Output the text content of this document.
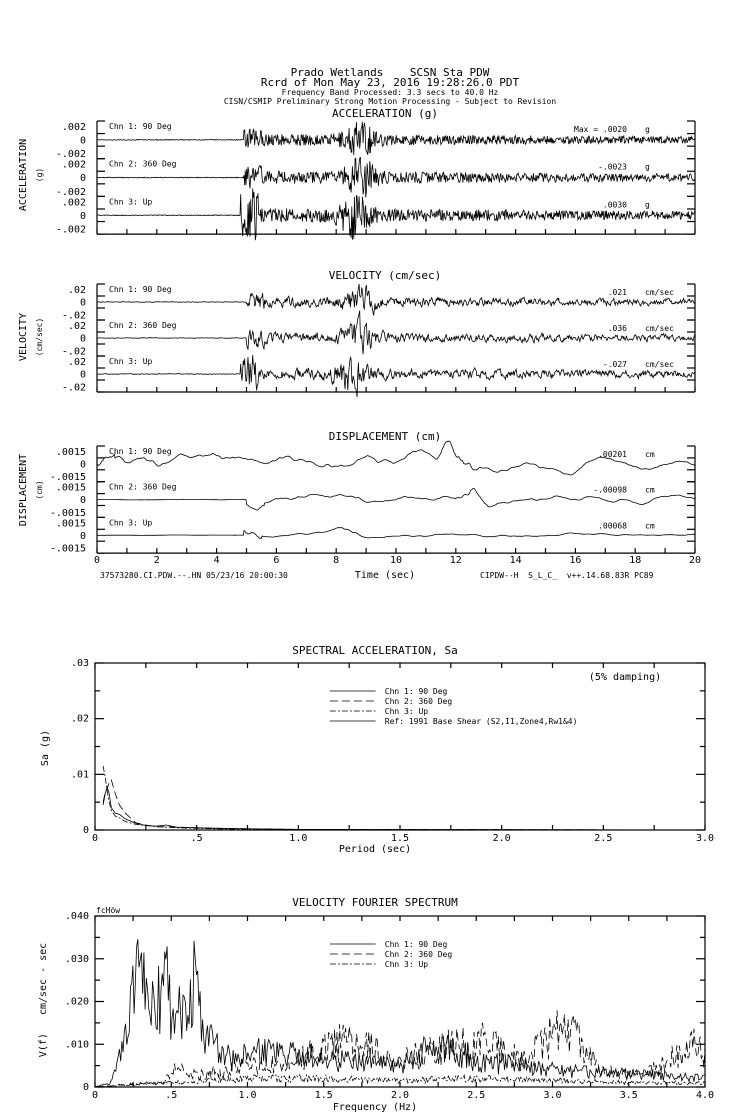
Prado Wetlands    SCSN Sta PDW
Rcrd of Mon May 23, 2016 19:28:26.0 PDT
Frequency Band Processed: 3.3 secs to 40.0 Hz
CISN/CSMIP Preliminary Strong Motion Processing - Subject to Revision
ACCELERATION (g)
ACCELERATION (g)
VELOCITY (cm/sec)
VELOCITY (cm/sec)
DISPLACEMENT (cm)
DISPLACEMENT (cm)
Time (sec)
37573280.CI.PDW.--.HN 05/23/16 20:00:30	CIPDW--H  S_L_C_  v++.14.68.83R PC89
SPECTRAL ACCELERATION, Sa
(5% damping)
Period (sec)
Sa (g)
VELOCITY FOURIER SPECTRUM
fcHöw
Frequency (Hz)
V(f)   cm/sec - sec
.002
0
-.002
Chn 1: 90 Deg	Max = .0020 g
.002
0
-.002
Chn 2: 360 Deg	-.0023 g
.002
0
-.002
Chn 3: Up	.0030 g
.02
0
-.02
Chn 1: 90 Deg	.021 cm/sec
.02
0
-.02
Chn 2: 360 Deg	.036 cm/sec
.02
0
-.02
Chn 3: Up	-.027 cm/sec
.0015
0
-.0015
Chn 1: 90 Deg	.00201 cm
.0015
0
-.0015
Chn 2: 360 Deg	-.00098 cm
.0015
0
-.0015
Chn 3: Up	.00068 cm
0	2	4	6	8	10	12	14	16	18	20
0	.5	1.0	1.5	2.0	2.5	3.0
.03
.02
.01
0
Chn 1: 90 Deg
Chn 2: 360 Deg
Chn 3: Up
Ref: 1991 Base Shear (S2,I1,Zone4,Rw1&4)
0	.5	1.0	1.5	2.0	2.5	3.0	3.5	4.0
.040
.030
.020
.010
0
Chn 1: 90 Deg
Chn 2: 360 Deg
Chn 3: Up
